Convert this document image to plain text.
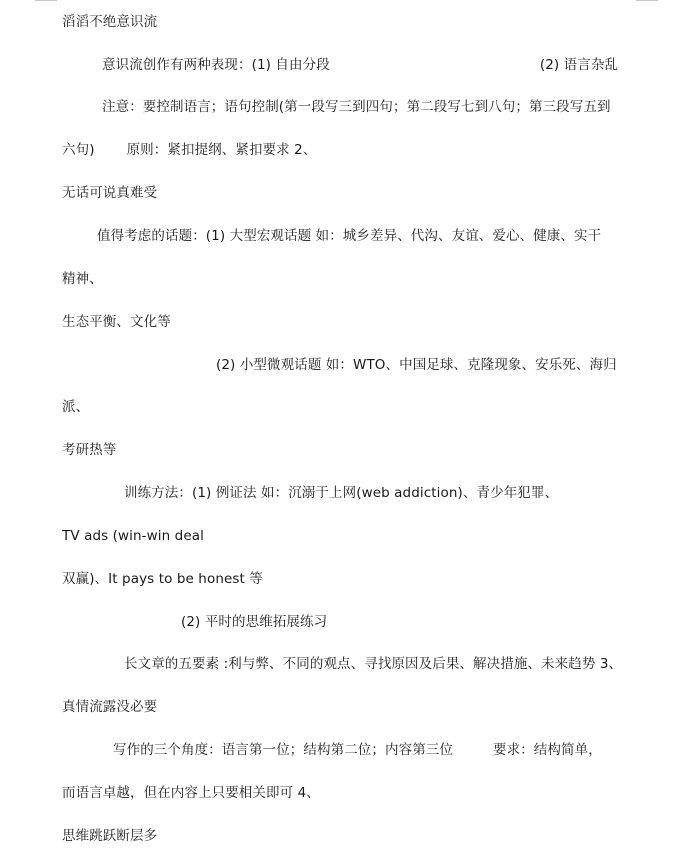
滔滔不绝意识流
意识流创作有两种表现：(1) 自由分段	(2) 语言杂乱
注意：要控制语言；语句控制(第一段写三到四句；第二段写七到八句；第三段写五到
六句) 原则：紧扣提纲、紧扣要求 2、
无话可说真难受
值得考虑的话题：(1) 大型宏观话题 如：城乡差异、代沟、友谊、爱心、健康、实干
精神、
生态平衡、文化等
(2) 小型微观话题 如：WTO、中国足球、克隆现象、安乐死、海归
派、
考研热等
训练方法：(1) 例证法 如：沉溺于上网(web addiction)、青少年犯罪、
TV ads (win-win deal
双赢)、It pays to be honest 等
(2) 平时的思维拓展练习
长文章的五要素 :利与弊、不同的观点、寻找原因及后果、解决措施、未来趋势 3、
真情流露没必要
写作的三个角度：语言第一位；结构第二位；内容第三位	要求：结构简单，
而语言卓越，但在内容上只要相关即可 4、
思维跳跃断层多
